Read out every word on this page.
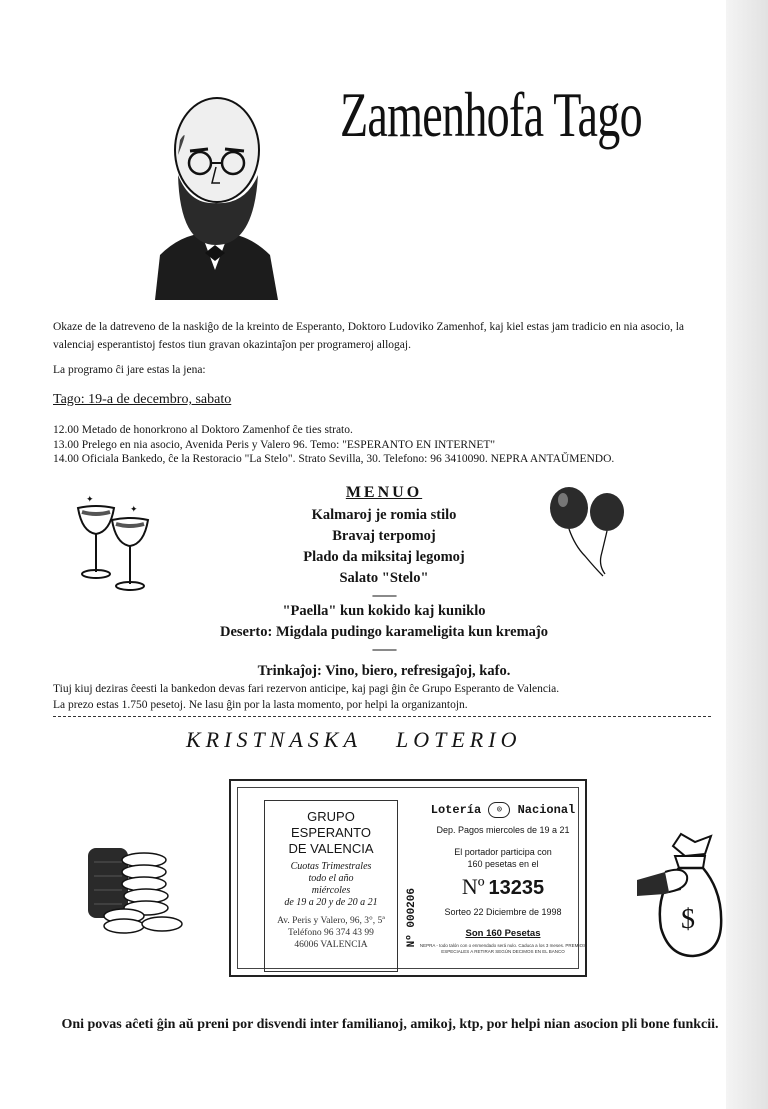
Zamenhofa Tago
Okaze de la datreveno de la naskiĝo de la kreinto de Esperanto, Doktoro Ludoviko Zamenhof, kaj kiel estas jam tradicio en nia asocio, la valenciaj esperantistoj festos tiun gravan okazintaĵon per programeroj allogaj.
La programo ĉi jare estas la jena:
Tago: 19-a de decembro, sabato
12.00 Metado de honorkrono al Doktoro Zamenhof ĉe ties strato.
13.00 Prelego en nia asocio, Avenida Peris y Valero 96. Temo: "ESPERANTO EN INTERNET"
14.00 Oficiala Bankedo, ĉe la Restoracio "La Stelo". Strato Sevilla, 30. Telefono: 96 3410090. NEPRA ANTAŬMENDO.
✦
✦
MENUO
Kalmaroj je romia stilo
Bravaj terpomoj
Plado da miksitaj legomoj
Salato "Stelo"
--------
"Paella" kun kokido kaj kuniklo
Deserto: Migdala pudingo karameligita kun kremaĵo
--------
Trinkaĵoj: Vino, biero, refresigaĵoj, kafo.
Tiuj kiuj deziras ĉeesti la bankedon devas fari rezervon anticipe, kaj pagi ĝin ĉe Grupo Esperanto de Valencia.
La prezo estas 1.750 pesetoj. Ne lasu ĝin por la lasta momento, por helpi la organizantojn.
KRISTNASKA LOTERIO
GRUPO
ESPERANTO
DE VALENCIA
Cuotas Trimestrales
todo el año
miércoles
de 19 a 20 y de 20 a 21
Av. Peris y Valero, 96, 3°, 5ª
Teléfono 96 374 43 99
46006 VALENCIA	Nº 000206
Lotería ◎ Nacional
Dep. Pagos miercoles de 19 a 21
El portador participa con
160 pesetas en el
Nº 13235
Sorteo 22 Diciembre de 1998
Son 160 Pesetas
NEPRA - todo talón con o enmendado será nulo. Caduca a los 3 meses. PREMIOS ESPECIALES A RETIRAR SEGÚN DECIMOS EN EL BANCO
$
Oni povas aĉeti ĝin aŭ preni por disvendi inter familianoj, amikoj, ktp, por helpi nian asocion pli bone funkcii.
